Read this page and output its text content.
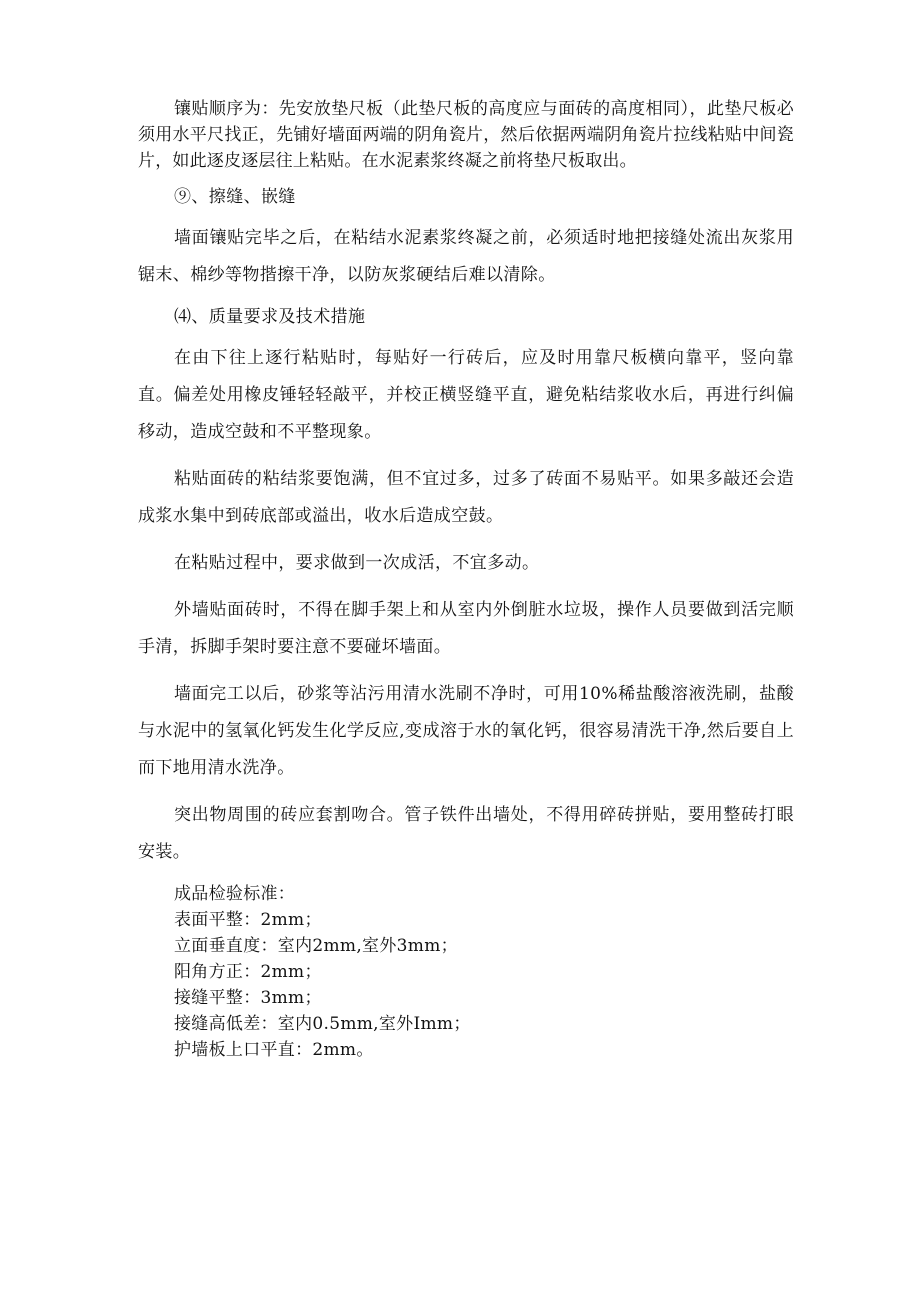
镶贴顺序为：先安放垫尺板（此垫尺板的高度应与面砖的高度相同），此垫尺板必须用水平尺找正，先铺好墙面两端的阴角瓷片，然后依据两端阴角瓷片拉线粘贴中间瓷片，如此逐皮逐层往上粘贴。在水泥素浆终凝之前将垫尺板取出。

⑨、擦缝、嵌缝

墙面镶贴完毕之后，在粘结水泥素浆终凝之前，必须适时地把接缝处流出灰浆用锯末、棉纱等物揩擦干净，以防灰浆硬结后难以清除。

⑷、质量要求及技术措施

在由下往上逐行粘贴时，每贴好一行砖后，应及时用靠尺板横向靠平，竖向靠直。偏差处用橡皮锤轻轻敲平，并校正横竖缝平直，避免粘结浆收水后，再进行纠偏移动，造成空鼓和不平整现象。

粘贴面砖的粘结浆要饱满，但不宜过多，过多了砖面不易贴平。如果多敲还会造成浆水集中到砖底部或溢出，收水后造成空鼓。

在粘贴过程中，要求做到一次成活，不宜多动。

外墙贴面砖时，不得在脚手架上和从室内外倒脏水垃圾，操作人员要做到活完顺手清，拆脚手架时要注意不要碰坏墙面。

墙面完工以后，砂浆等沾污用清水洗刷不净时，可用10%稀盐酸溶液洗刷，盐酸与水泥中的氢氧化钙发生化学反应,变成溶于水的氧化钙，很容易清洗干净,然后要自上而下地用清水洗净。

突出物周围的砖应套割吻合。管子铁件出墙处，不得用碎砖拼贴，要用整砖打眼安装。

成品检验标准：

表面平整：2mm；

立面垂直度：室内2mm,室外3mm；

阳角方正：2mm；

接缝平整：3mm；

接缝高低差：室内0.5mm,室外Imm；

护墙板上口平直：2mm。
